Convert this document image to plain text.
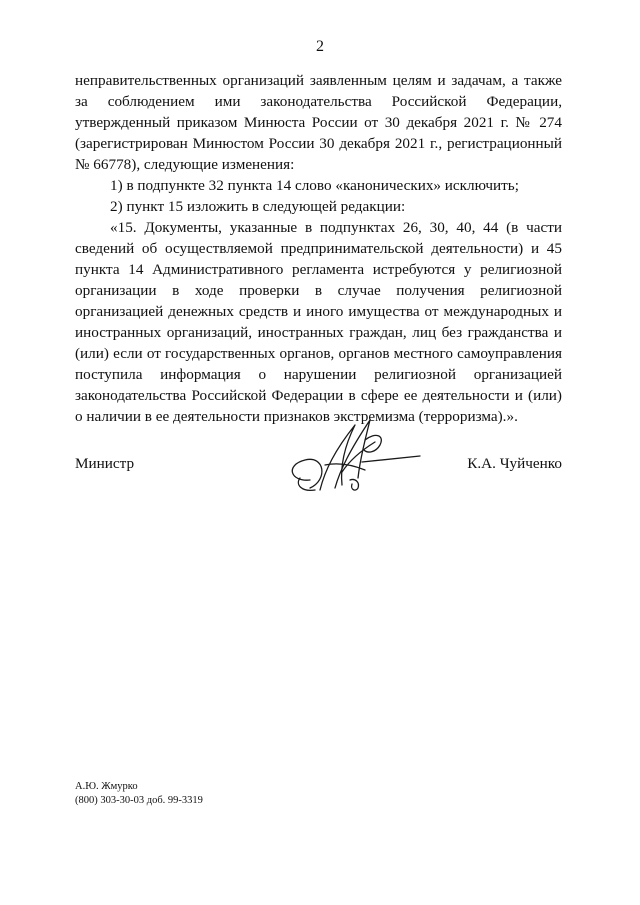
2

неправительственных организаций заявленным целям и задачам, а также за соблюдением ими законодательства Российской Федерации, утвержденный приказом Минюста России от 30 декабря 2021 г. № 274 (зарегистрирован Минюстом России 30 декабря 2021 г., регистрационный № 66778), следующие изменения:

1) в подпункте 32 пункта 14 слово «канонических» исключить;

2) пункт 15 изложить в следующей редакции:

«15. Документы, указанные в подпунктах 26, 30, 40, 44 (в части сведений об осуществляемой предпринимательской деятельности) и 45 пункта 14 Административного регламента истребуются у религиозной организации в ходе проверки в случае получения религиозной организацией денежных средств и иного имущества от международных и иностранных организаций, иностранных граждан, лиц без гражданства и (или) если от государственных органов, органов местного самоуправления поступила информация о нарушении религиозной организацией законодательства Российской Федерации в сфере ее деятельности и (или) о наличии в ее деятельности признаков экстремизма (терроризма).».

Министр	К.А. Чуйченко
А.Ю. Жмурко
(800) 303-30-03 доб. 99-3319
